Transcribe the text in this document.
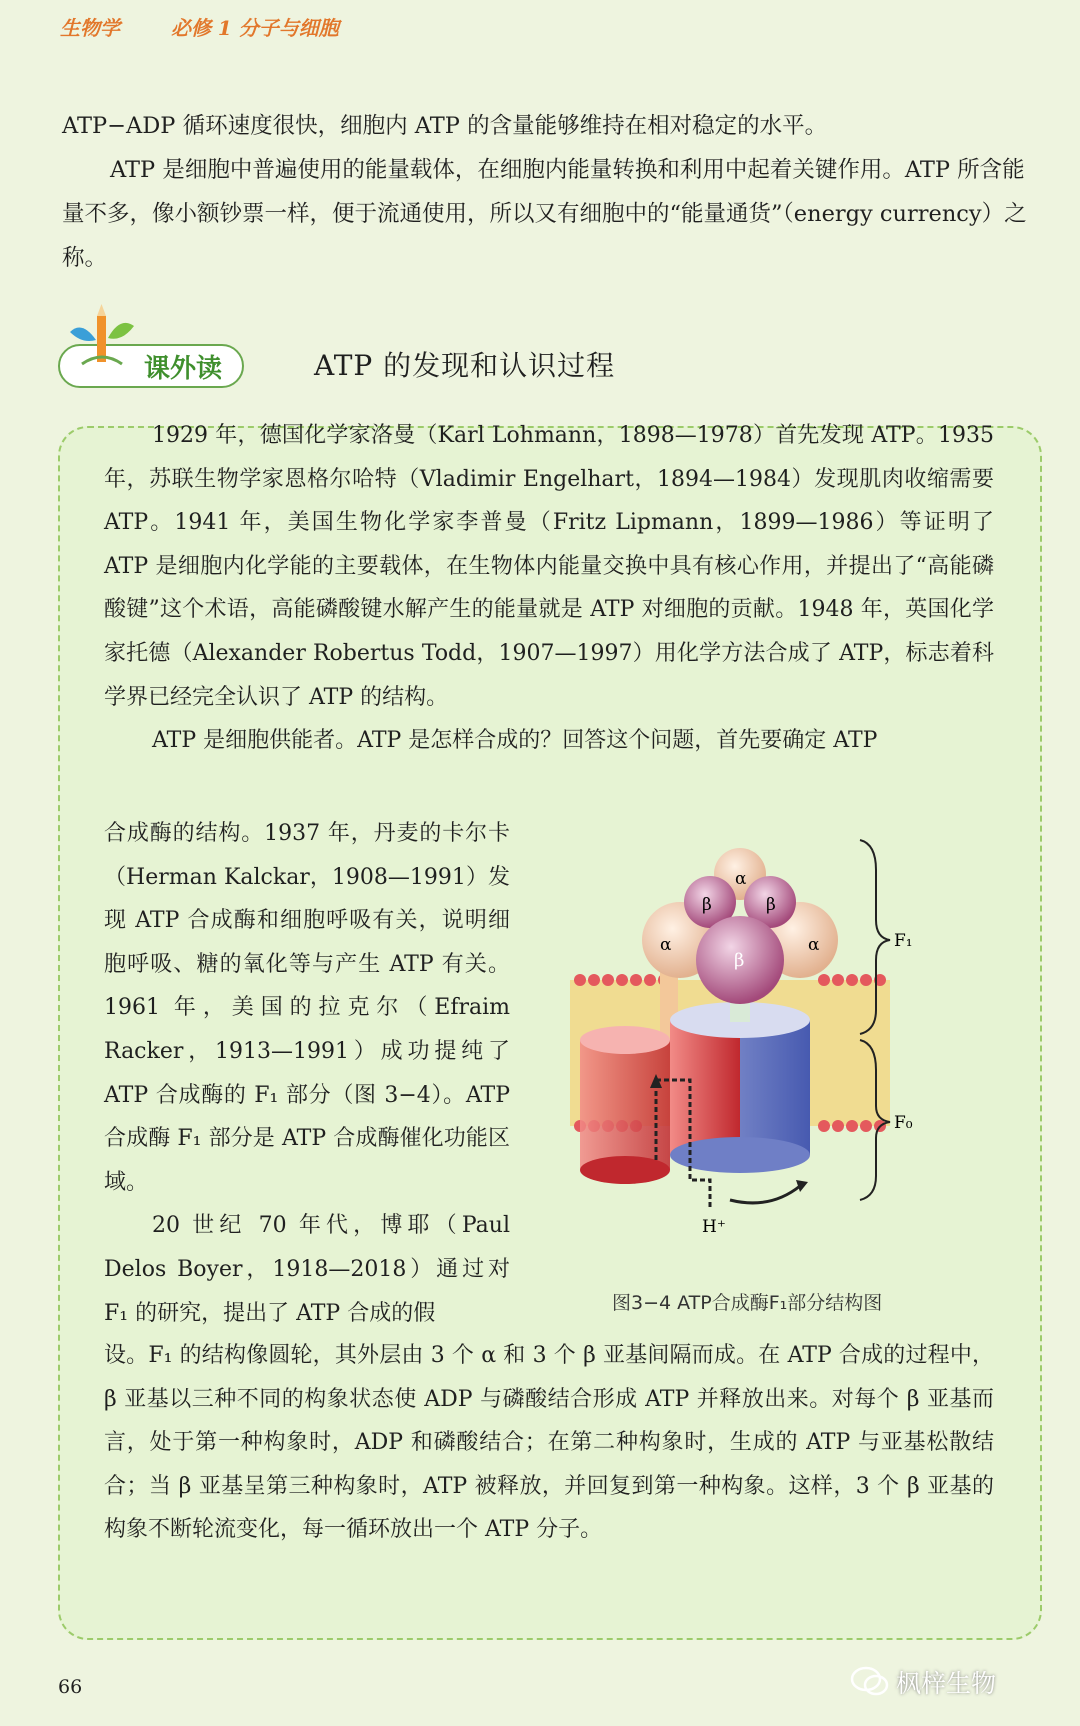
生物学	必修 1 分子与细胞

ATP−ADP 循环速度很快，细胞内 ATP 的含量能够维持在相对稳定的水平。

ATP 是细胞中普遍使用的能量载体，在细胞内能量转换和利用中起着关键作用。ATP 所含能量不多，像小额钞票一样，便于流通使用，所以又有细胞中的“能量通货”（energy currency）之称。

课外读	ATP 的发现和认识过程

1929 年，德国化学家洛曼（Karl Lohmann，1898—1978）首先发现 ATP。1935 年，苏联生物学家恩格尔哈特（Vladimir Engelhart，1894—1984）发现肌肉收缩需要 ATP。1941 年，美国生物化学家李普曼（Fritz Lipmann，1899—1986）等证明了 ATP 是细胞内化学能的主要载体，在生物体内能量交换中具有核心作用，并提出了“高能磷酸键”这个术语，高能磷酸键水解产生的能量就是 ATP 对细胞的贡献。1948 年，英国化学家托德（Alexander Robertus Todd，1907—1997）用化学方法合成了 ATP，标志着科学界已经完全认识了 ATP 的结构。

ATP 是细胞供能者。ATP 是怎样合成的？回答这个问题，首先要确定 ATP

合成酶的结构。1937 年，丹麦的卡尔卡（Herman Kalckar，1908—1991）发现 ATP 合成酶和细胞呼吸有关，说明细胞呼吸、糖的氧化等与产生 ATP 有关。1961 年，美国的拉克尔（Efraim Racker，1913—1991）成功提纯了 ATP 合成酶的 F₁ 部分（图 3−4）。ATP 合成酶 F₁ 部分是 ATP 合成酶催化功能区域。

20 世纪 70 年代，博耶（Paul Delos Boyer，1918—2018）通过对 F₁ 的研究，提出了 ATP 合成的假

设。F₁ 的结构像圆轮，其外层由 3 个 α 和 3 个 β 亚基间隔而成。在 ATP 合成的过程中，β 亚基以三种不同的构象状态使 ADP 与磷酸结合形成 ATP 并释放出来。对每个 β 亚基而言，处于第一种构象时，ADP 和磷酸结合；在第二种构象时，生成的 ATP 与亚基松散结合；当 β 亚基呈第三种构象时，ATP 被释放，并回复到第一种构象。这样，3 个 β 亚基的构象不断轮流变化，每一循环放出一个 ATP 分子。

α
β	β
α	α
β
H⁺
F₁
F₀
图3−4 ATP合成酶F₁部分结构图
66	枫梓生物
